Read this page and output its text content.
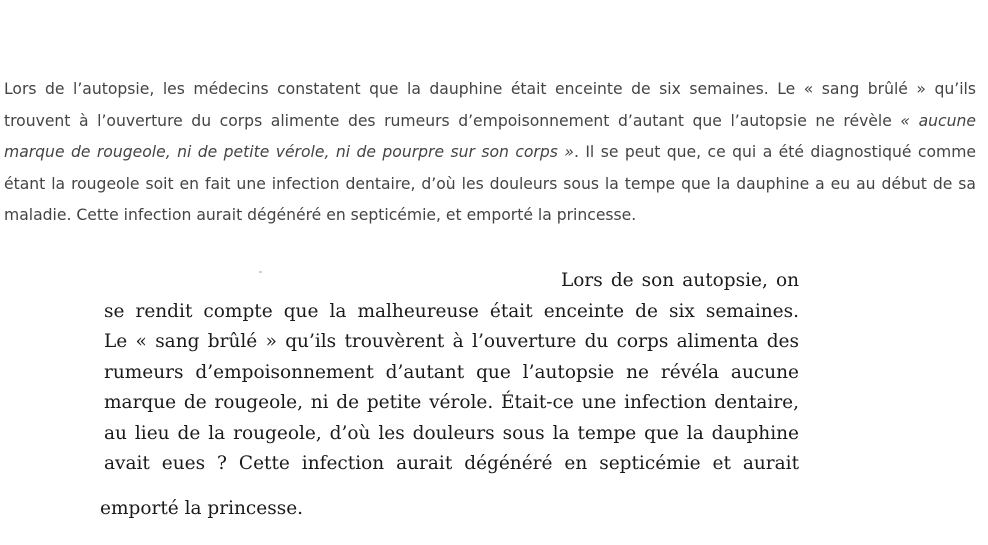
Lors de l’autopsie, les médecins constatent que la dauphine était enceinte de six semaines. Le « sang brûlé » qu’ils trouvent à l’ouverture du corps alimente des rumeurs d’empoisonnement d’autant que l’autopsie ne révèle « aucune marque de rougeole, ni de petite vérole, ni de pourpre sur son corps ». Il se peut que, ce qui a été diagnostiqué comme étant la rougeole soit en fait une infection dentaire, d’où les douleurs sous la tempe que la dauphine a eu au début de sa maladie. Cette infection aurait dégénéré en septicémie, et emporté la princesse.

Lors de son autopsie, on
se rendit compte que la malheureuse était enceinte de six semaines.
Le « sang brûlé » qu’ils trouvèrent à l’ouverture du corps alimenta des
rumeurs d’empoisonnement d’autant que l’autopsie ne révéla aucune
marque de rougeole, ni de petite vérole. Était-ce une infection dentaire,
au lieu de la rougeole, d’où les douleurs sous la tempe que la dauphine
avait eues ? Cette infection aurait dégénéré en septicémie et aurait
emporté la princesse.
